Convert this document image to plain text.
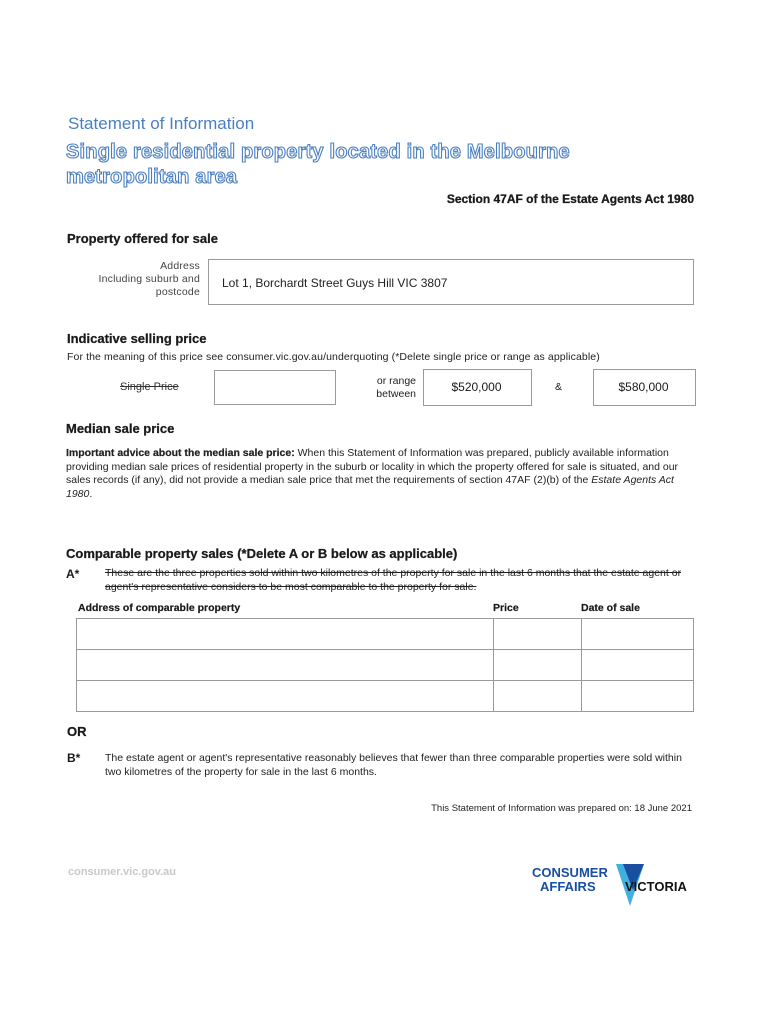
Statement of Information
Single residential property located in the Melbourne metropolitan area
Section 47AF of the Estate Agents Act 1980
Property offered for sale
Address
Including suburb and
postcode
Lot 1, Borchardt Street Guys Hill VIC 3807
Indicative selling price
For the meaning of this price see consumer.vic.gov.au/underquoting (*Delete single price or range as applicable)
Single Price	or range
between	$520,000	&	$580,000
Median sale price
Important advice about the median sale price: When this Statement of Information was prepared, publicly available information providing median sale prices of residential property in the suburb or locality in which the property offered for sale is situated, and our sales records (if any), did not provide a median sale price that met the requirements of section 47AF (2)(b) of the Estate Agents Act 1980.
Comparable property sales (*Delete A or B below as applicable)
A* These are the three properties sold within two kilometres of the property for sale in the last 6 months that the estate agent or agent's representative considers to be most comparable to the property for sale.
Address of comparable property	Price	Date of sale

OR
B* The estate agent or agent's representative reasonably believes that fewer than three comparable properties were sold within two kilometres of the property for sale in the last 6 months.
This Statement of Information was prepared on: 18 June 2021
consumer.vic.gov.au	CONSUMER
AFFAIRS VICTORIA
